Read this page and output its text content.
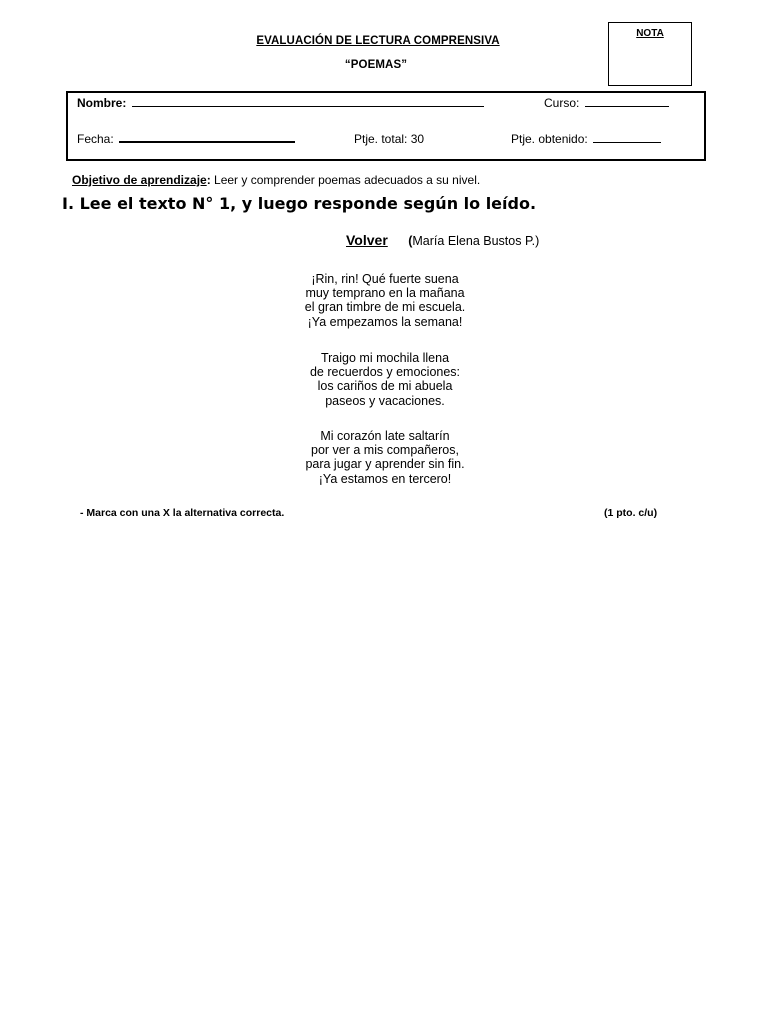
EVALUACIÓN DE LECTURA COMPRENSIVA
“POEMAS”
NOTA
Nombre:	Curso:
Fecha:	Ptje. total: 30	Ptje. obtenido:
Objetivo de aprendizaje: Leer y comprender poemas adecuados a su nivel.
I. Lee el texto N° 1, y luego responde según lo leído.
Volver (María Elena Bustos P.)
¡Rin, rin! Qué fuerte suena
muy temprano en la mañana
el gran timbre de mi escuela.
¡Ya empezamos la semana!
Traigo mi mochila llena
de recuerdos y emociones:
los cariños de mi abuela
paseos y vacaciones.
Mi corazón late saltarín
por ver a mis compañeros,
para jugar y aprender sin fin.
¡Ya estamos en tercero!
- Marca con una X la alternativa correcta.	(1 pto. c/u)
